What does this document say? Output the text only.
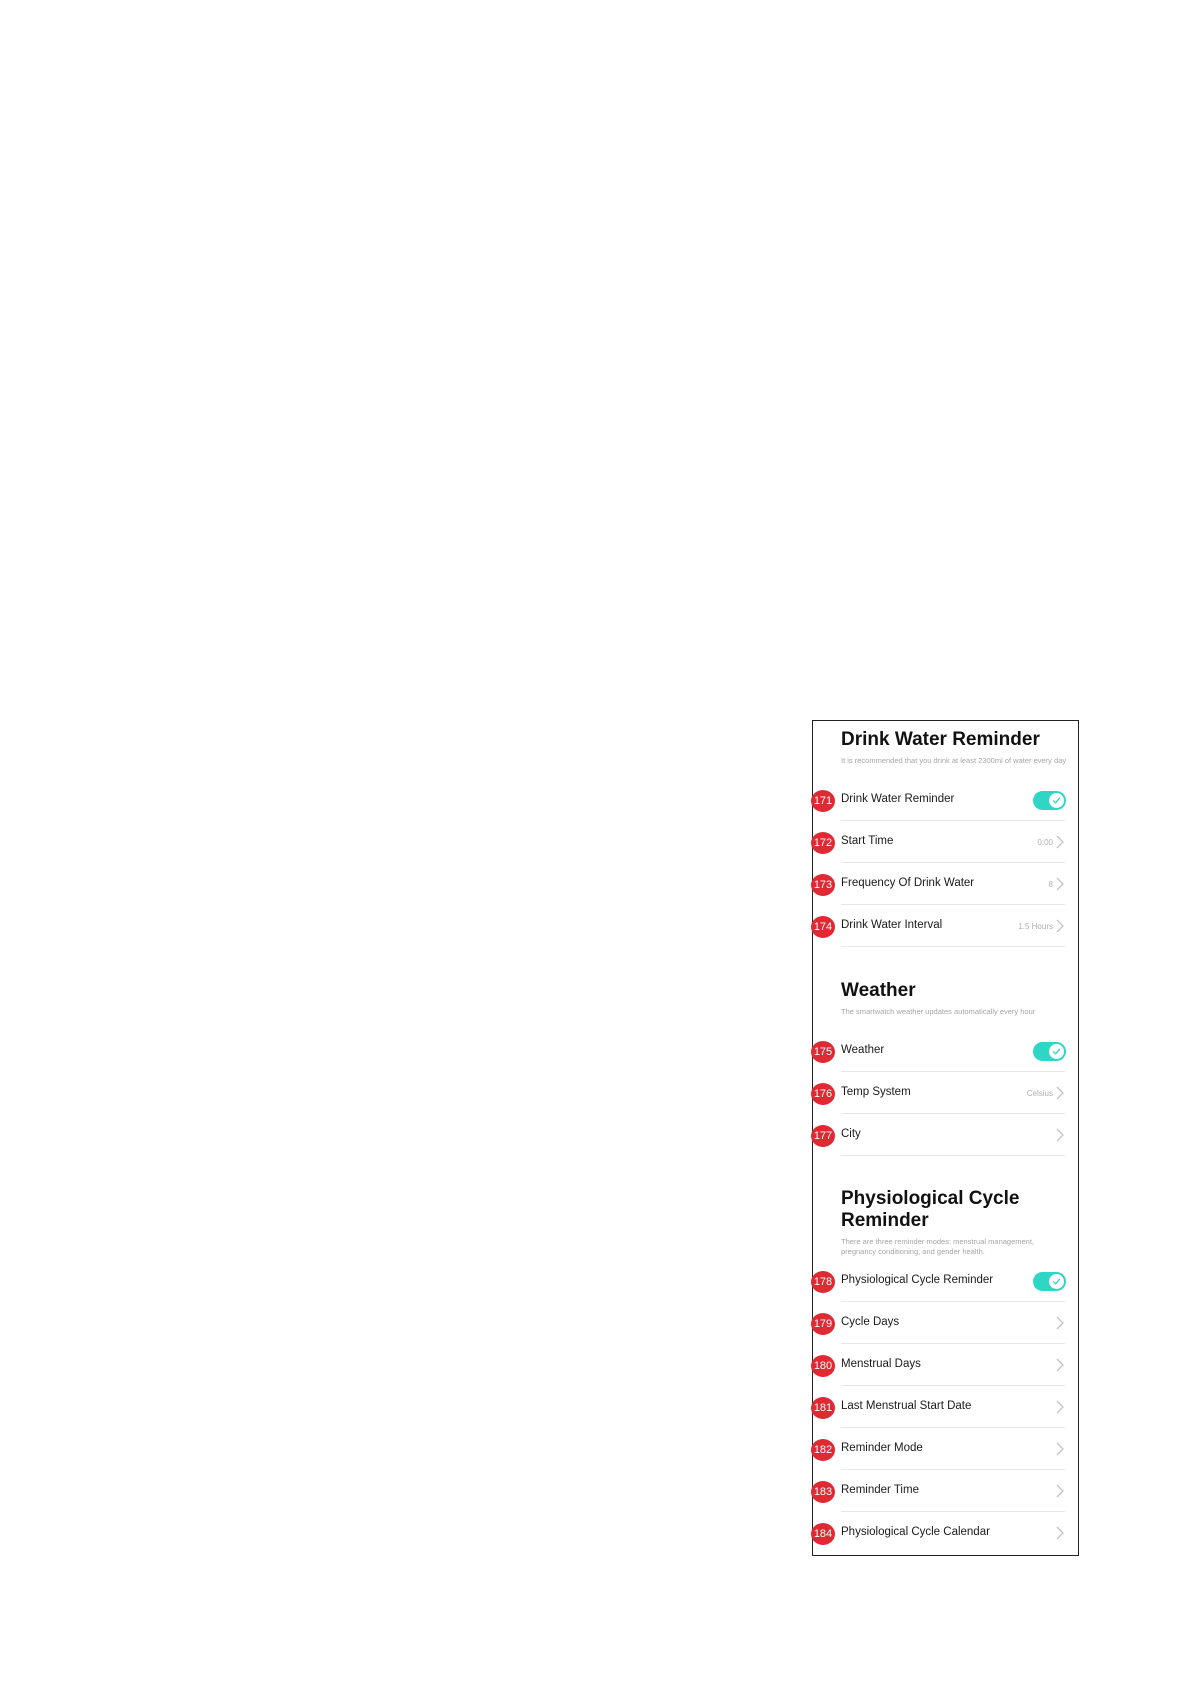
Drink Water Reminder
It is recommended that you drink at least 2300ml of water every day
171 Drink Water Reminder
172 Start Time	0:00
173 Frequency Of Drink Water	8
174 Drink Water Interval	1.5 Hours
Weather
The smartwatch weather updates automatically every hour
175 Weather
176 Temp System	Celsius
177 City
Physiological Cycle Reminder
There are three reminder modes: menstrual management, pregnancy conditioning, and gender health.
178 Physiological Cycle Reminder
179 Cycle Days
180 Menstrual Days
181 Last Menstrual Start Date
182 Reminder Mode
183 Reminder Time
184 Physiological Cycle Calendar
